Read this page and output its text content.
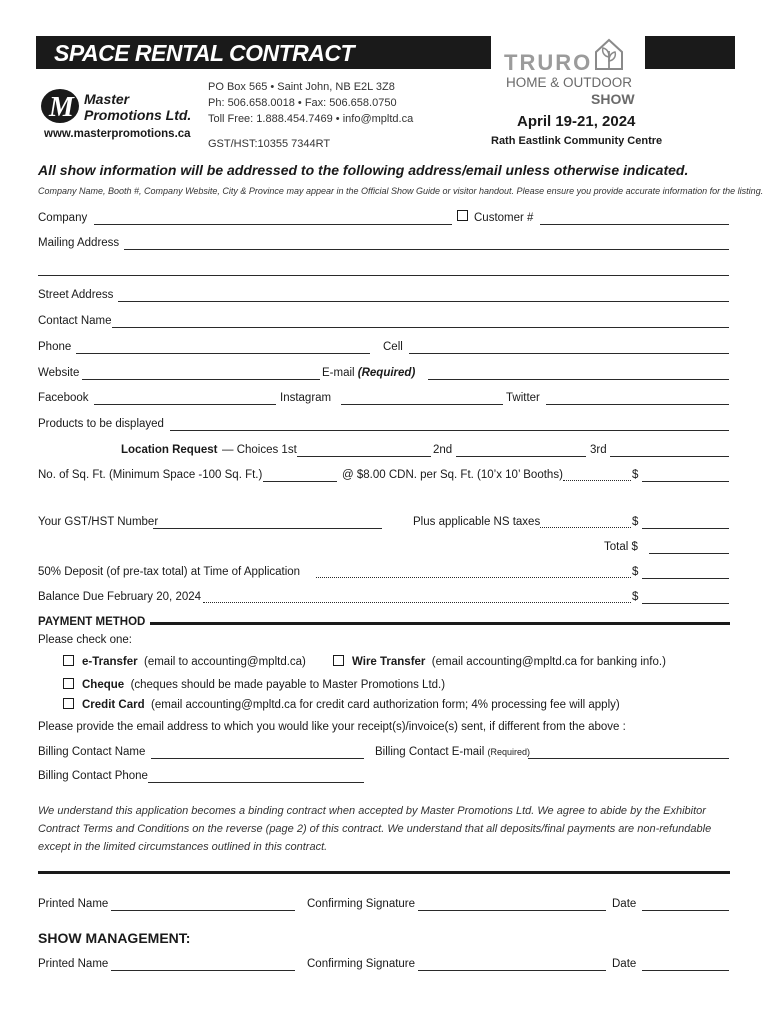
SPACE RENTAL CONTRACT
M Master
Promotions Ltd.
www.masterpromotions.ca
PO Box 565 • Saint John, NB E2L 3Z8
Ph: 506.658.0018 • Fax: 506.658.0750
Toll Free: 1.888.454.7469 • info@mpltd.ca
GST/HST:10355 7344RT
TRURO
HOME & OUTDOOR
SHOW
April 19-21, 2024
Rath Eastlink Community Centre
All show information will be addressed to the following address/email unless otherwise indicated.
Company Name, Booth #, Company Website, City & Province may appear in the Official Show Guide or visitor handout. Please ensure you provide accurate information for the listing.
Company	Customer #
Mailing Address
Street Address
Contact Name
Phone	Cell
Website	E-mail (Required)
Facebook	Instagram	Twitter
Products to be displayed
Location Request — Choices 1st	2nd	3rd
No. of Sq. Ft. (Minimum Space -100 Sq. Ft.)	@ $8.00 CDN. per Sq. Ft. (10’x 10’ Booths)	$
Your GST/HST Number	Plus applicable NS taxes	$
Total $
50% Deposit (of pre-tax total) at Time of Application	$
Balance Due February 20, 2024	$
PAYMENT METHOD
Please check one:
e-Transfer (email to accounting@mpltd.ca)	Wire Transfer (email accounting@mpltd.ca for banking info.)
Cheque (cheques should be made payable to Master Promotions Ltd.)
Credit Card (email accounting@mpltd.ca for credit card authorization form; 4% processing fee will apply)
Please provide the email address to which you would like your receipt(s)/invoice(s) sent, if different from the above :
Billing Contact Name	Billing Contact E-mail (Required)
Billing Contact Phone
We understand this application becomes a binding contract when accepted by Master Promotions Ltd. We agree to abide by the Exhibitor
Contract Terms and Conditions on the reverse (page 2) of this contract. We understand that all deposits/final payments are non-refundable
except in the limited circumstances outlined in this contract.
Printed Name	Confirming Signature	Date
SHOW MANAGEMENT:
Printed Name	Confirming Signature	Date
